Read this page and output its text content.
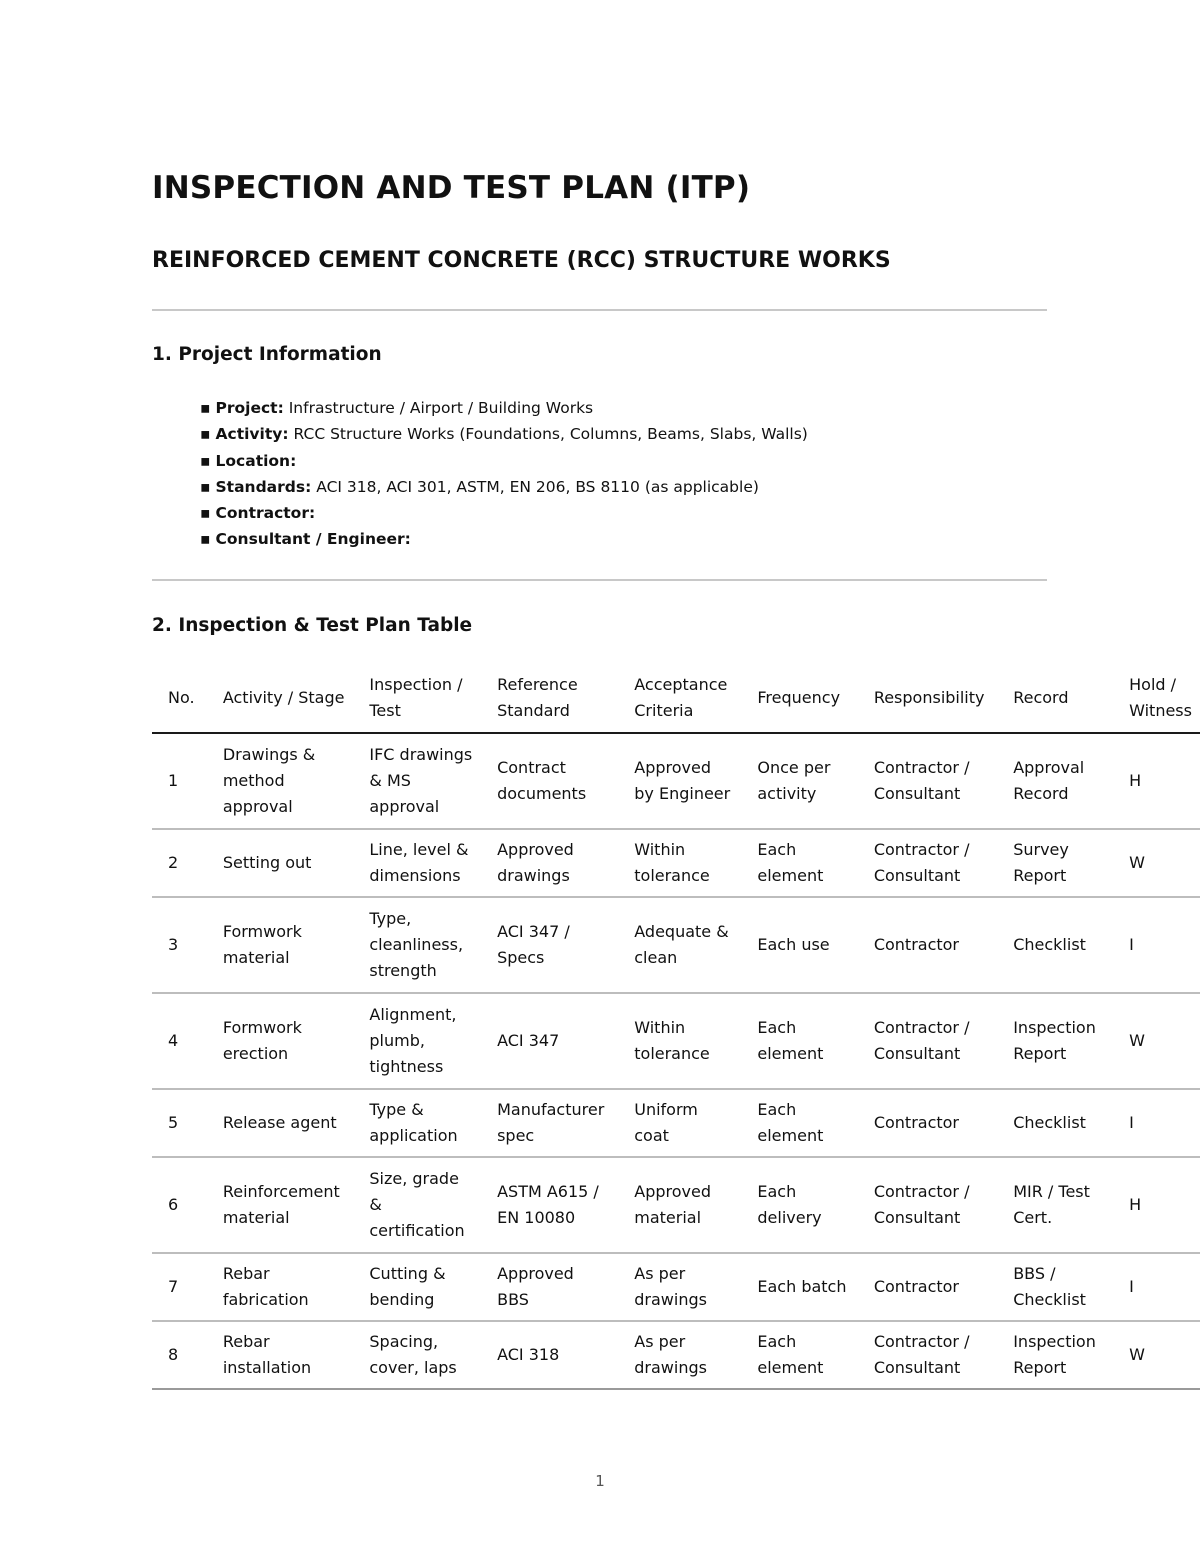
INSPECTION AND TEST PLAN (ITP)
REINFORCED CEMENT CONCRETE (RCC) STRUCTURE WORKS
1. Project Information
▪ Project: Infrastructure / Airport / Building Works
▪ Activity: RCC Structure Works (Foundations, Columns, Beams, Slabs, Walls)
▪ Location:
▪ Standards: ACI 318, ACI 301, ASTM, EN 206, BS 8110 (as applicable)
▪ Contractor:
▪ Consultant / Engineer:
2. Inspection & Test Plan Table
No.	Activity / Stage	Inspection / Test	Reference Standard	Acceptance Criteria	Frequency	Responsibility	Record	Hold / Witness
1	Drawings & method approval	IFC drawings & MS approval	Contract documents	Approved by Engineer	Once per activity	Contractor / Consultant	Approval Record	H
2	Setting out	Line, level & dimensions	Approved drawings	Within tolerance	Each element	Contractor / Consultant	Survey Report	W
3	Formwork material	Type, cleanliness, strength	ACI 347 / Specs	Adequate & clean	Each use	Contractor	Checklist	I
4	Formwork erection	Alignment, plumb, tightness	ACI 347	Within tolerance	Each element	Contractor / Consultant	Inspection Report	W
5	Release agent	Type & application	Manufacturer spec	Uniform coat	Each element	Contractor	Checklist	I
6	Reinforcement material	Size, grade & certification	ASTM A615 / EN 10080	Approved material	Each delivery	Contractor / Consultant	MIR / Test Cert.	H
7	Rebar fabrication	Cutting & bending	Approved BBS	As per drawings	Each batch	Contractor	BBS / Checklist	I
8	Rebar installation	Spacing, cover, laps	ACI 318	As per drawings	Each element	Contractor / Consultant	Inspection Report	W
1
